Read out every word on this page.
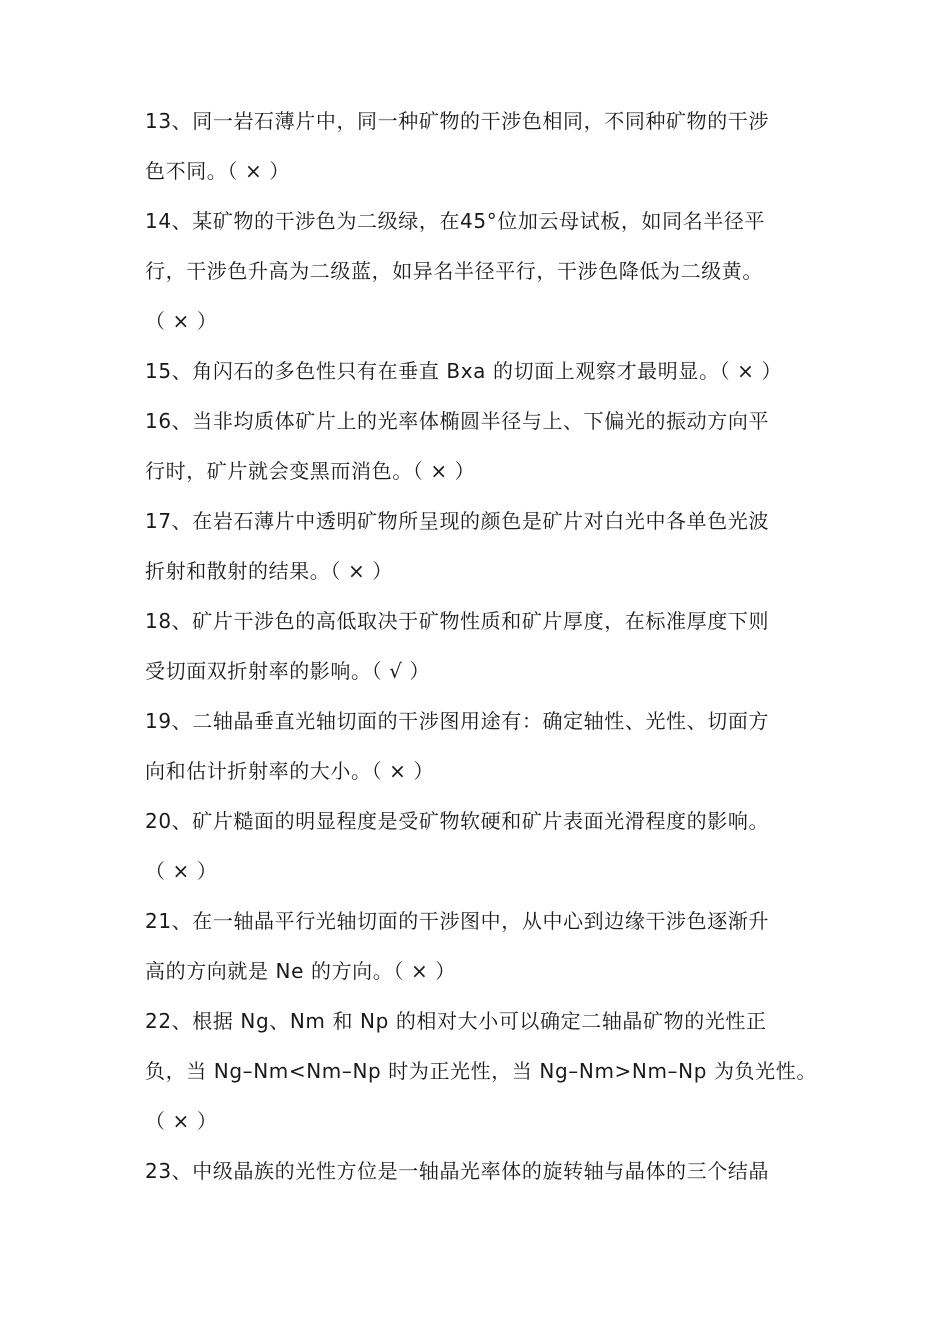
13、同一岩石薄片中，同一种矿物的干涉色相同，不同种矿物的干涉
色不同。（ × ）
14、某矿物的干涉色为二级绿，在45°位加云母试板，如同名半径平
行，干涉色升高为二级蓝，如异名半径平行，干涉色降低为二级黄。
（ × ）
15、角闪石的多色性只有在垂直 Bxa 的切面上观察才最明显。（ × ）
16、当非均质体矿片上的光率体椭圆半径与上、下偏光的振动方向平
行时，矿片就会变黑而消色。（ × ）
17、在岩石薄片中透明矿物所呈现的颜色是矿片对白光中各单色光波
折射和散射的结果。（ × ）
18、矿片干涉色的高低取决于矿物性质和矿片厚度，在标准厚度下则
受切面双折射率的影响。（ √ ）
19、二轴晶垂直光轴切面的干涉图用途有：确定轴性、光性、切面方
向和估计折射率的大小。（ × ）
20、矿片糙面的明显程度是受矿物软硬和矿片表面光滑程度的影响。
（ × ）
21、在一轴晶平行光轴切面的干涉图中，从中心到边缘干涉色逐渐升
高的方向就是 Ne 的方向。（ × ）
22、根据 Ng、Nm 和 Np 的相对大小可以确定二轴晶矿物的光性正
负，当 Ng–Nm<Nm–Np 时为正光性，当 Ng–Nm>Nm–Np 为负光性。
（ × ）
23、中级晶族的光性方位是一轴晶光率体的旋转轴与晶体的三个结晶
